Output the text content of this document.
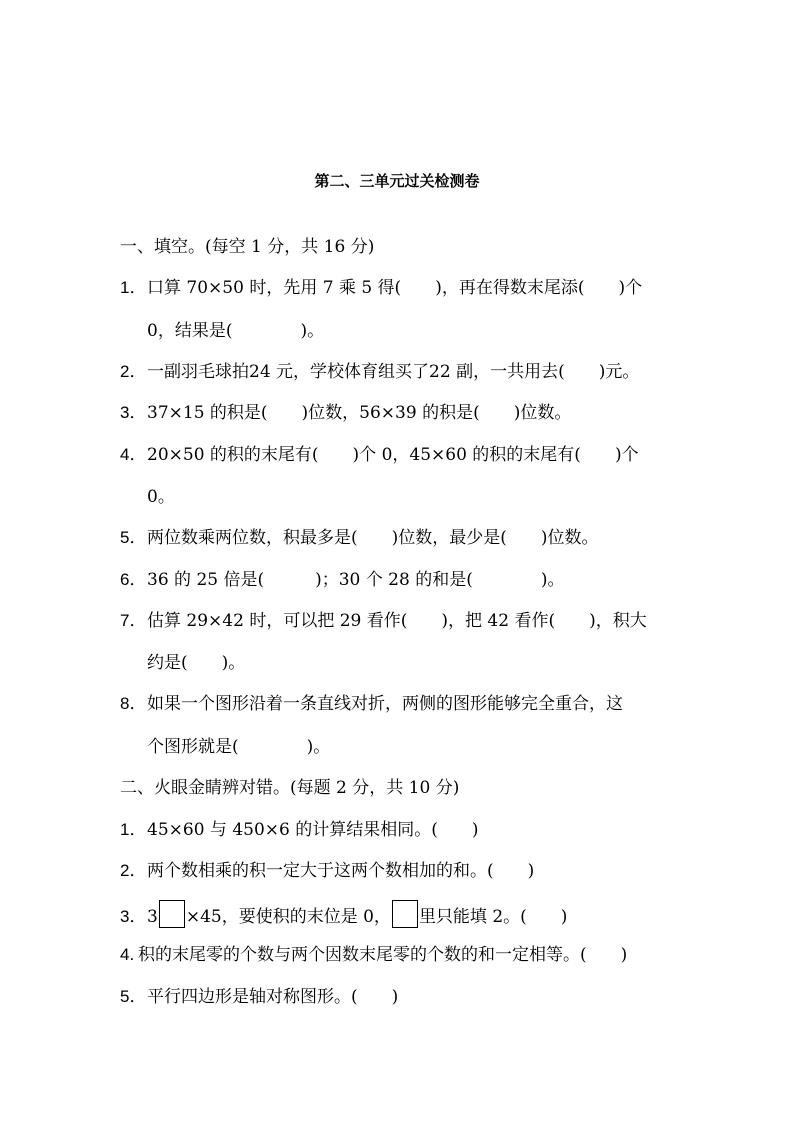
第二、三单元过关检测卷
一、填空。(每空 1 分，共 16 分)
1．口算 70×50 时，先用 7 乘 5 得(　　)，再在得数末尾添(　　)个
0，结果是(　　　　)。
2．一副羽毛球拍24 元，学校体育组买了22 副，一共用去(　　)元。
3．37×15 的积是(　　)位数，56×39 的积是(　　)位数。
4．20×50 的积的末尾有(　　)个 0，45×60 的积的末尾有(　　)个
0。
5．两位数乘两位数，积最多是(　　)位数，最少是(　　)位数。
6．36 的 25 倍是(　　　)；30 个 28 的和是(　　　　)。
7．估算 29×42 时，可以把 29 看作(　　)，把 42 看作(　　)，积大
约是(　　)。
8．如果一个图形沿着一条直线对折，两侧的图形能够完全重合，这
个图形就是(　　　　)。
二、火眼金睛辨对错。(每题 2 分，共 10 分)
1．45×60 与 450×6 的计算结果相同。(　　)
2．两个数相乘的积一定大于这两个数相加的和。(　　)
3．3 ×45，要使积的末位是 0， 里只能填 2。(　　)
4. 积的末尾零的个数与两个因数末尾零的个数的和一定相等。(　　)
5．平行四边形是轴对称图形。(　　)
